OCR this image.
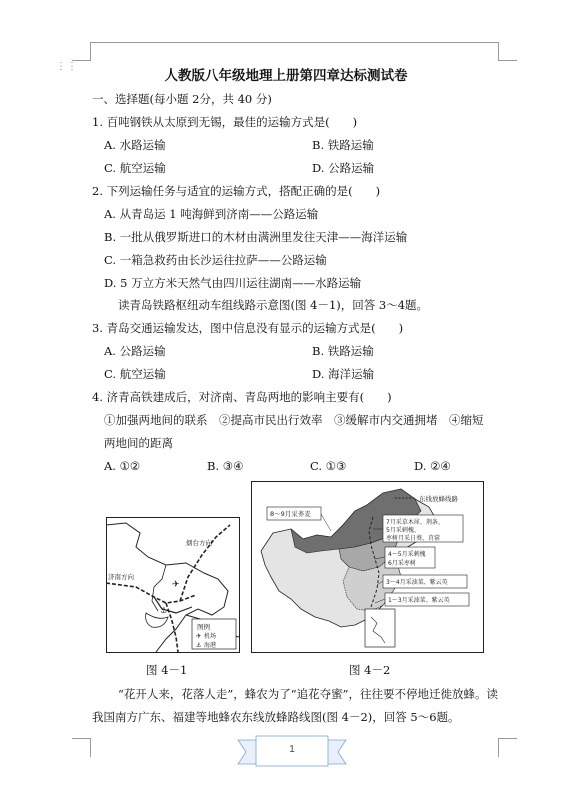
⋮⋮
人教版八年级地理上册第四章达标测试卷
一、选择题(每小题 2分，共 40 分)
1. 百吨钢铁从太原到无锡，最佳的运输方式是(　　)
A. 水路运输	B. 铁路运输
C. 航空运输	D. 公路运输
2. 下列运输任务与适宜的运输方式，搭配正确的是(　　)
A. 从青岛运 1 吨海鲜到济南——公路运输
B. 一批从俄罗斯进口的木材由满洲里发往天津——海洋运输
C. 一箱急救药由长沙运往拉萨——公路运输
D. 5 万立方米天然气由四川运往湖南——水路运输
读青岛铁路枢纽动车组线路示意图(图 4－1)，回答 3～4题。
3. 青岛交通运输发达，图中信息没有显示的运输方式是(　　)
A. 公路运输	B. 铁路运输
C. 航空运输	D. 海洋运输
4. 济青高铁建成后，对济南、青岛两地的影响主要有(　　)
①加强两地间的联系　②提高市民出行效率　③缓解市内交通拥堵　④缩短
两地间的距离
A. ①②	B. ③④	C. ①③	D. ②④
✈
⚓
图例
✈ 机场
⚓ 海港
烟台方向
济南方向
图 4－1
东线放蜂线路
8～9月采荞麦
7月采草木犀、荆条、
5月采刺槐、
枣树月采日葵、苜蓿
4～5月采刺槐
6月采枣树
3～4月采油菜、紫云英
1～3月采油菜、紫云英
图 4－2
“花开人来，花落人走”，蜂农为了“追花夺蜜”，往往要不停地迁徙放蜂。读
我国南方广东、福建等地蜂农东线放蜂路线图(图 4－2)，回答 5～6题。
1
